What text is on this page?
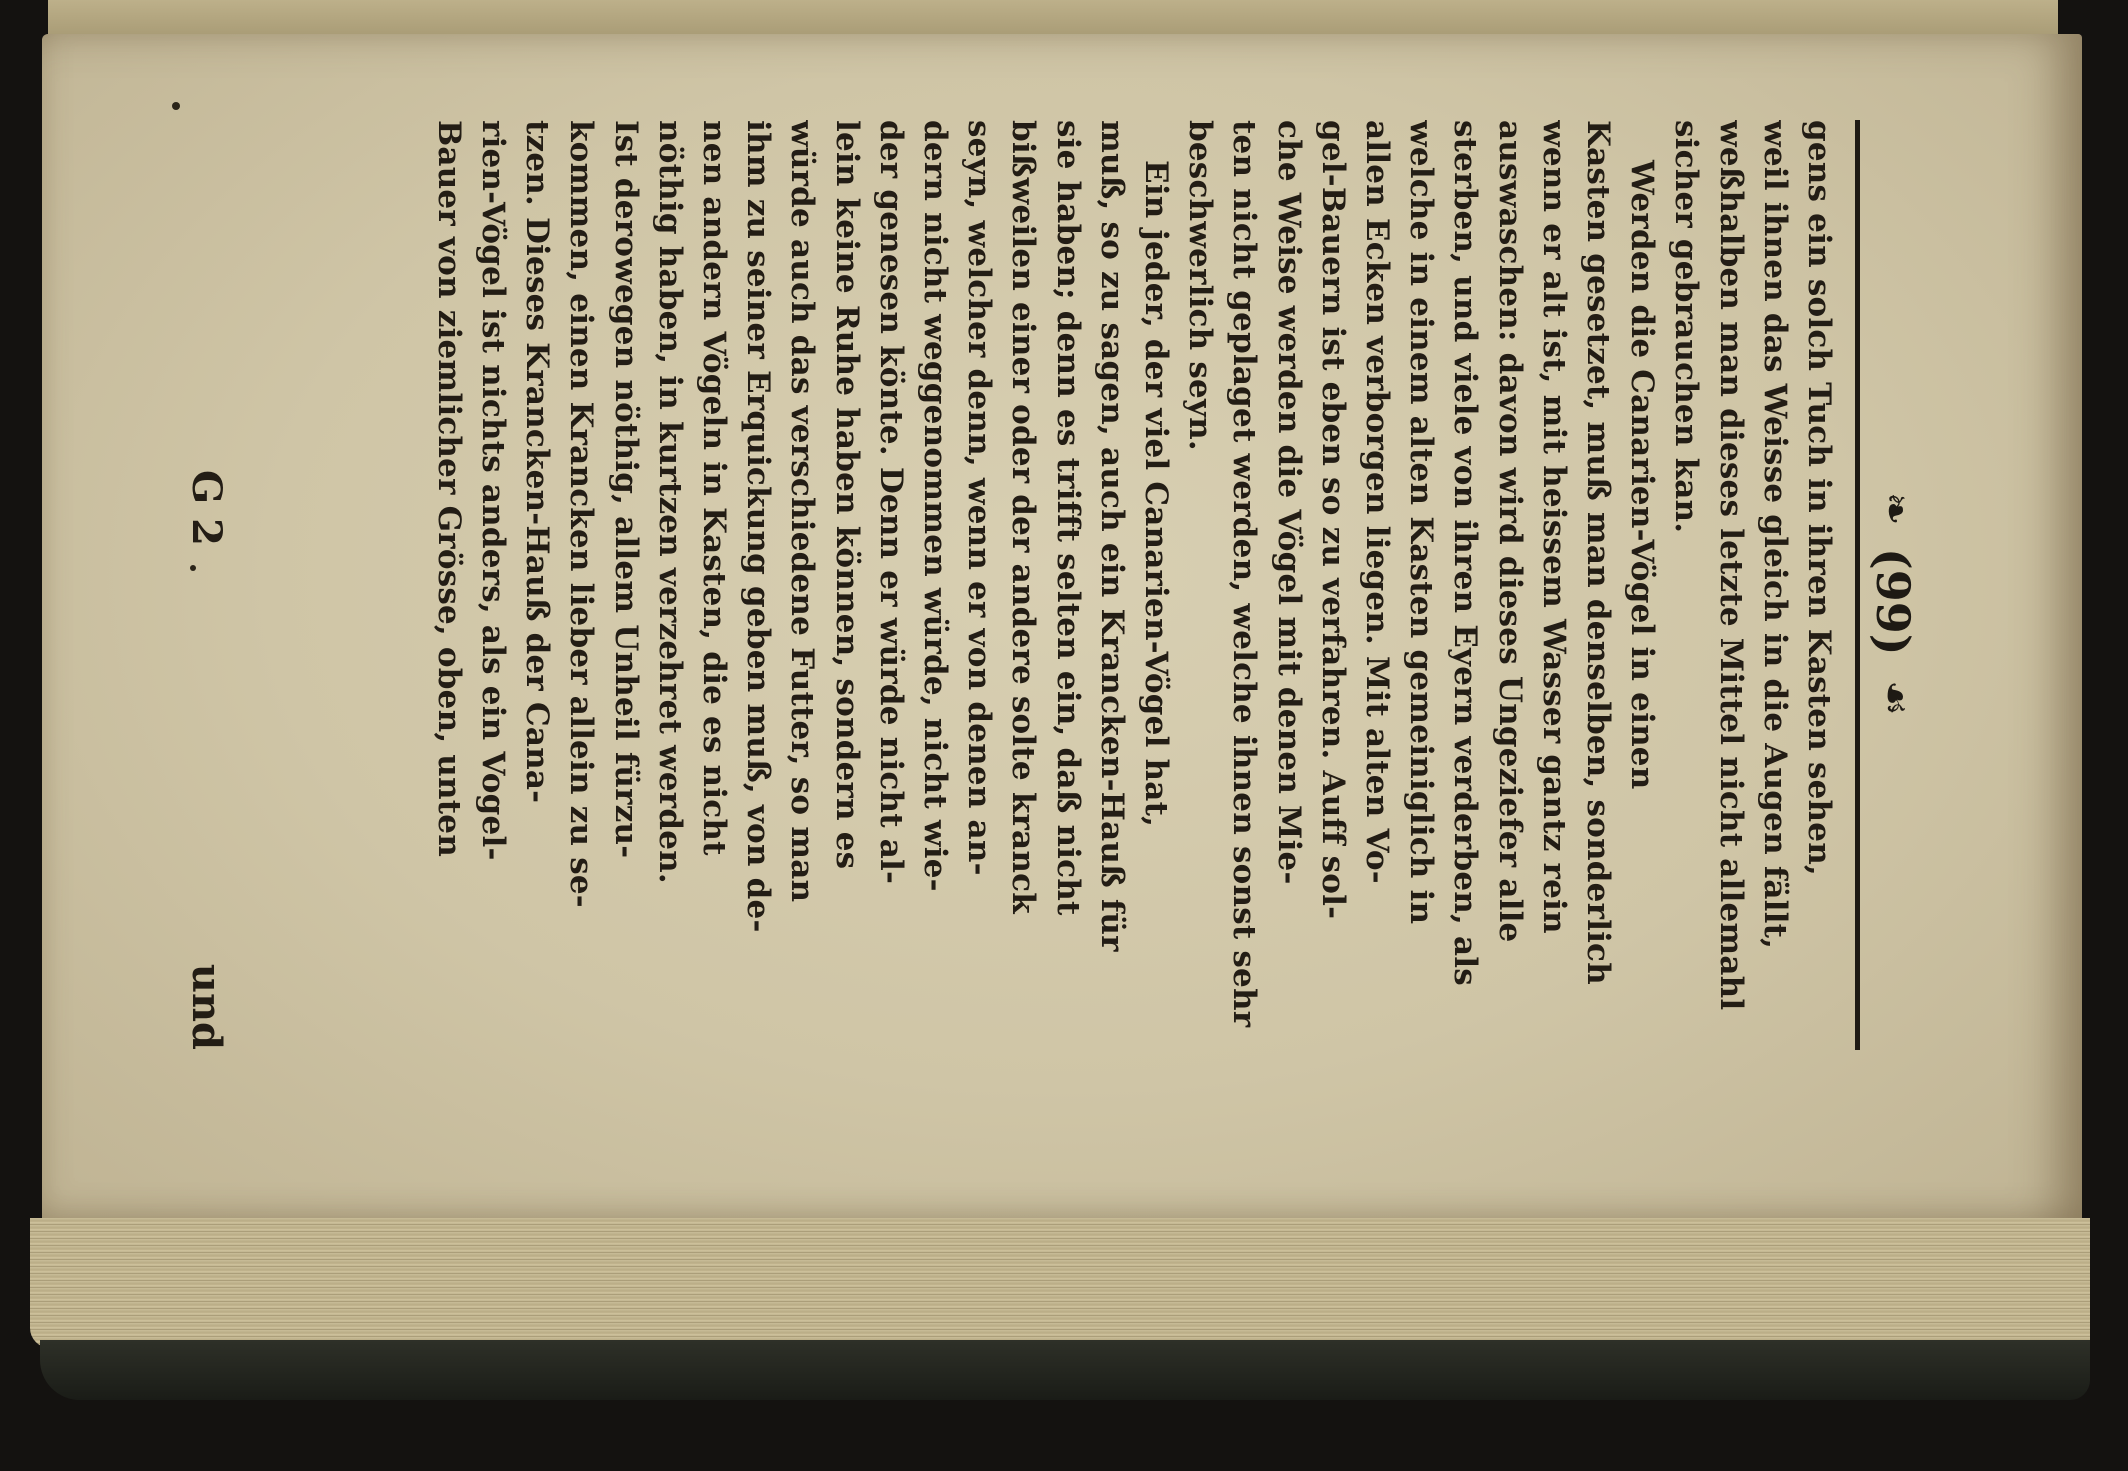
❧
(99)
☙
gens ein solch Tuch in ihren Kasten sehen,
weil ihnen das Weisse gleich in die Augen fällt,
weßhalben man dieses letzte Mittel nicht allemahl
sicher gebrauchen kan.
Werden die Canarien-Vögel in einen
Kasten gesetzet, muß man denselben, sonderlich
wenn er alt ist, mit heissem Wasser gantz rein
auswaschen: davon wird dieses Ungeziefer alle
sterben, und viele von ihren Eyern verderben, als
welche in einem alten Kasten gemeiniglich in
allen Ecken verborgen liegen. Mit alten Vo-
gel-Bauern ist eben so zu verfahren. Auff sol-
che Weise werden die Vögel mit denen Mie-
ten nicht geplaget werden, welche ihnen sonst sehr
beschwerlich seyn.
Ein jeder, der viel Canarien-Vögel hat,
muß, so zu sagen, auch ein Krancken-Hauß für
sie haben; denn es trifft selten ein, daß nicht
bißweilen einer oder der andere solte kranck
seyn, welcher denn, wenn er von denen an-
dern nicht weggenommen würde, nicht wie-
der genesen könte. Denn er würde nicht al-
lein keine Ruhe haben können, sondern es
würde auch das verschiedene Futter, so man
ihm zu seiner Erquickung geben muß, von de-
nen andern Vögeln in Kasten, die es nicht
nöthig haben, in kurtzen verzehret werden.
Ist derowegen nöthig, allem Unheil fürzu-
kommen, einen Krancken lieber allein zu se-
tzen. Dieses Krancken-Hauß der Cana-
rien-Vögel ist nichts anders, als ein Vogel-
Bauer von ziemlicher Grösse, oben, unten
G 2
und
